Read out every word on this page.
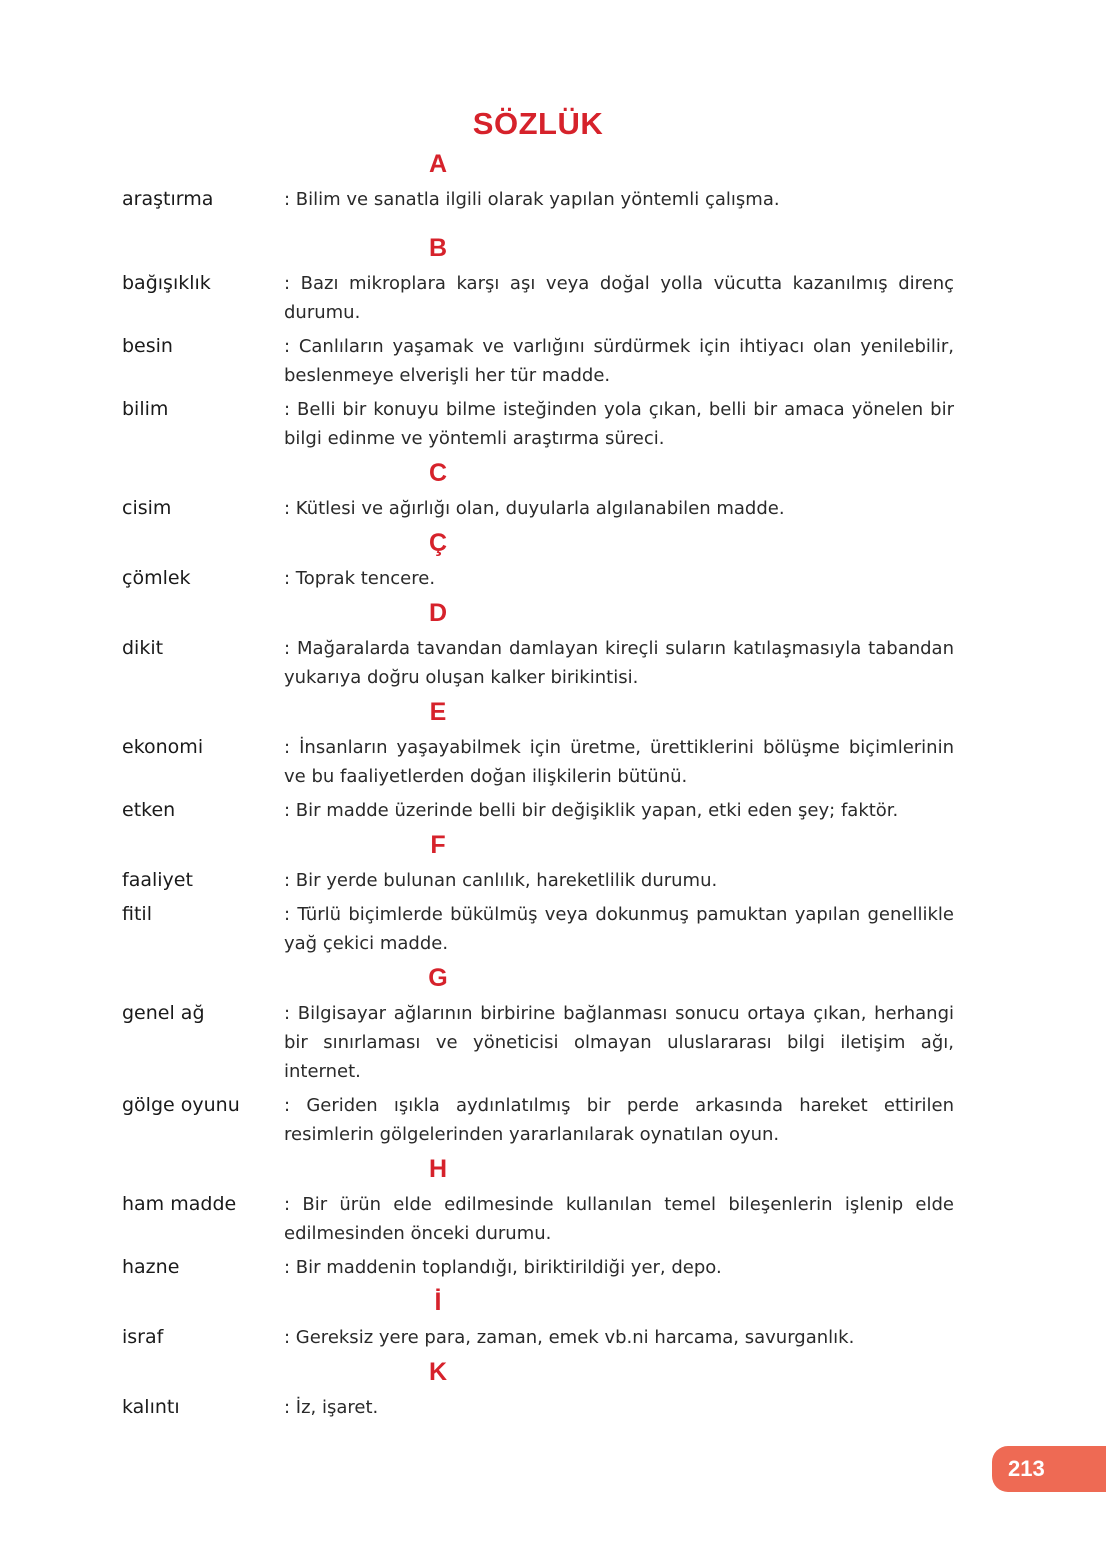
SÖZLÜK
A
araştırma	: Bilim ve sanatla ilgili olarak yapılan yöntemli çalışma.
B
bağışıklık	: Bazı mikroplara karşı aşı veya doğal yolla vücutta kazanılmış direnç durumu.
besin	: Canlıların yaşamak ve varlığını sürdürmek için ihtiyacı olan yenilebilir, beslenmeye elverişli her tür madde.
bilim	: Belli bir konuyu bilme isteğinden yola çıkan, belli bir amaca yönelen bir bilgi edinme ve yöntemli araştırma süreci.
C
cisim	: Kütlesi ve ağırlığı olan, duyularla algılanabilen madde.
Ç
çömlek	: Toprak tencere.
D
dikit	: Mağaralarda tavandan damlayan kireçli suların katılaşmasıyla tabandan yukarıya doğru oluşan kalker birikintisi.
E
ekonomi	: İnsanların yaşayabilmek için üretme, ürettiklerini bölüşme biçimlerinin ve bu faaliyetlerden doğan ilişkilerin bütünü.
etken	: Bir madde üzerinde belli bir değişiklik yapan, etki eden şey; faktör.
F
faaliyet	: Bir yerde bulunan canlılık, hareketlilik durumu.
fitil	: Türlü biçimlerde bükülmüş veya dokunmuş pamuktan yapılan genellikle yağ çekici madde.
G
genel ağ	: Bilgisayar ağlarının birbirine bağlanması sonucu ortaya çıkan, herhangi bir sınırlaması ve yöneticisi olmayan uluslararası bilgi iletişim ağı, internet.
gölge oyunu	: Geriden ışıkla aydınlatılmış bir perde arkasında hareket ettirilen resimlerin gölgelerinden yararlanılarak oynatılan oyun.
H
ham madde	: Bir ürün elde edilmesinde kullanılan temel bileşenlerin işlenip elde edilmesinden önceki durumu.
hazne	: Bir maddenin toplandığı, biriktirildiği yer, depo.
İ
israf	: Gereksiz yere para, zaman, emek vb.ni harcama, savurganlık.
K
kalıntı	: İz, işaret.
213
